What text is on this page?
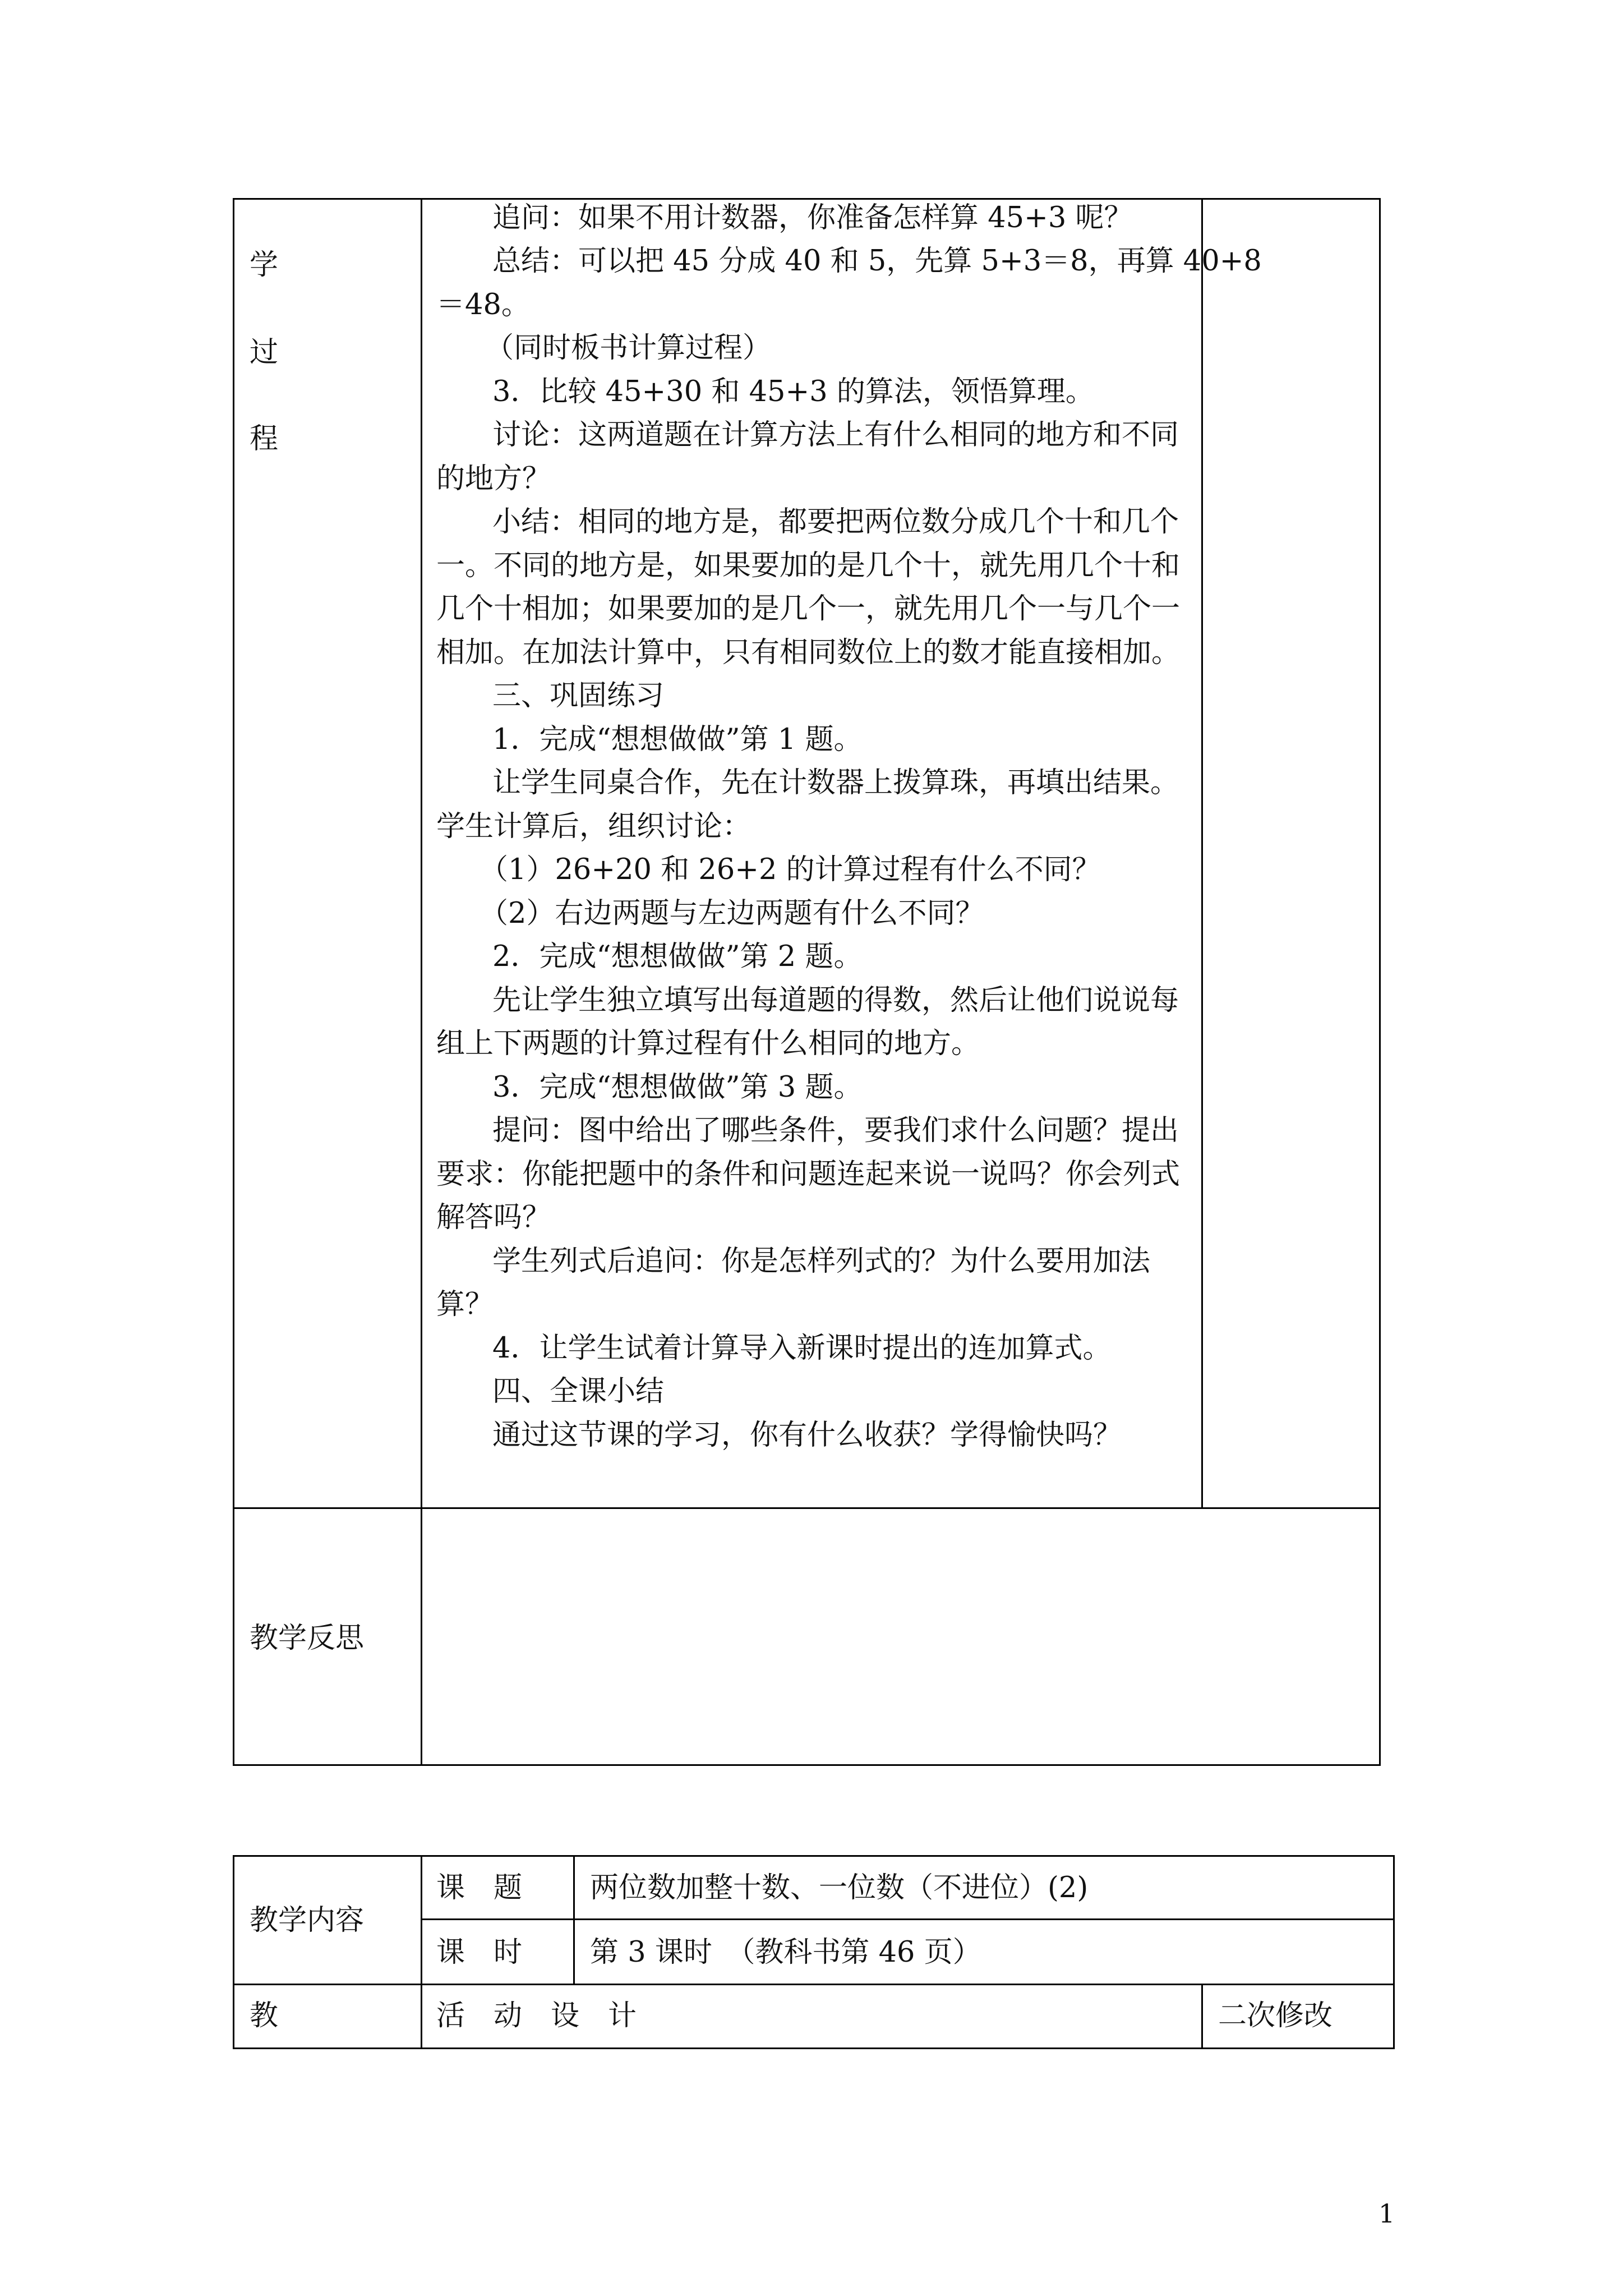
学
过
程
追问：如果不用计数器，你准备怎样算 45+3 呢？
总结：可以把 45 分成 40 和 5，先算 5+3＝8，再算 40+8
＝48。
（同时板书计算过程）
3．比较 45+30 和 45+3 的算法，领悟算理。
讨论：这两道题在计算方法上有什么相同的地方和不同
的地方？
小结：相同的地方是，都要把两位数分成几个十和几个
一。不同的地方是，如果要加的是几个十，就先用几个十和
几个十相加；如果要加的是几个一，就先用几个一与几个一
相加。在加法计算中，只有相同数位上的数才能直接相加。
三、巩固练习
1．完成“想想做做”第 1 题。
让学生同桌合作，先在计数器上拨算珠，再填出结果。
学生计算后，组织讨论：
（1）26+20 和 26+2 的计算过程有什么不同？
（2）右边两题与左边两题有什么不同？
2．完成“想想做做”第 2 题。
先让学生独立填写出每道题的得数，然后让他们说说每
组上下两题的计算过程有什么相同的地方。
3．完成“想想做做”第 3 题。
提问：图中给出了哪些条件，要我们求什么问题？提出
要求：你能把题中的条件和问题连起来说一说吗？你会列式
解答吗？
学生列式后追问：你是怎样列式的？为什么要用加法
算？
4．让学生试着计算导入新课时提出的连加算式。
四、全课小结
通过这节课的学习，你有什么收获？学得愉快吗？
教学反思
教学内容
课　题 两位数加整十数、一位数（不进位）(2)
课　时 第 3 课时　（教科书第 46 页）
教	活　动　设　计	二次修改
1
